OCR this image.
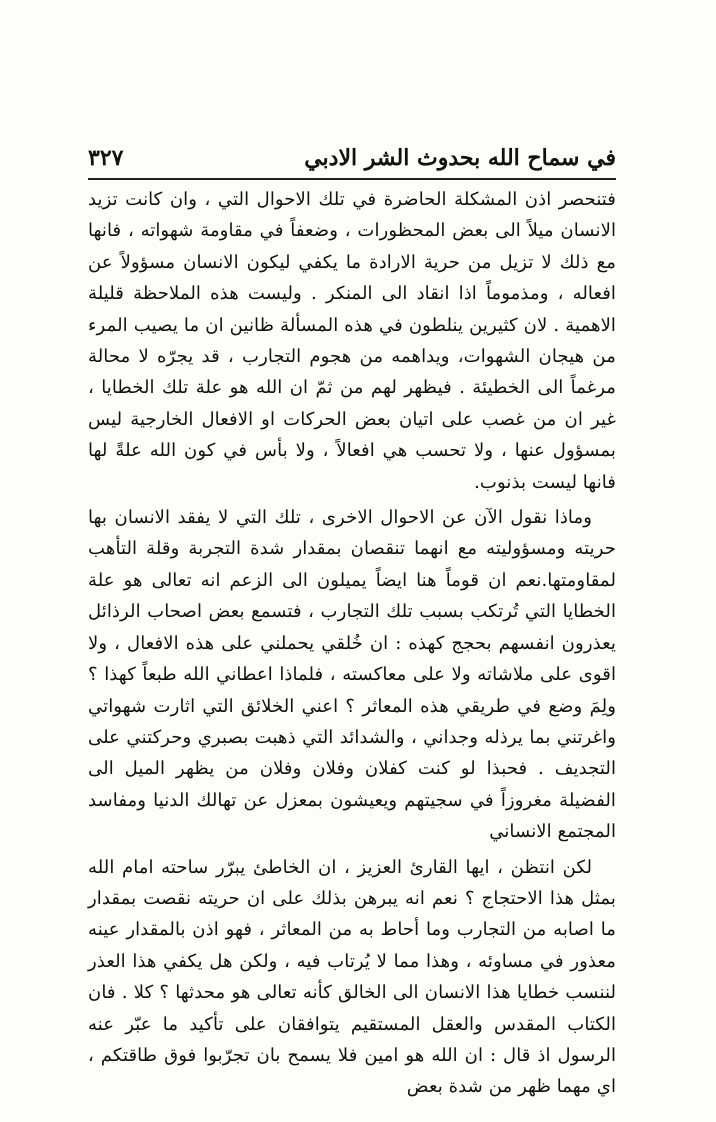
في سماح الله بحدوث الشر الادبي
٣٢٧

فتنحصر اذن المشكلة الحاضرة في تلك الاحوال التي ، وان كانت تزيد الانسان ميلاً الى بعض المحظورات ، وضعفاً في مقاومة شهواته ، فانها مع ذلك لا تزيل من حرية الارادة ما يكفي ليكون الانسان مسؤولاً عن افعاله ، ومذموماً اذا انقاد الى المنكر . وليست هذه الملاحظة قليلة الاهمية . لان كثيرين ينلطون في هذه المسألة ظانين ان ما يصيب المرء من هيجان الشهوات، ويداهمه من هجوم التجارب ، قد يجرّه لا محالة مرغماً الى الخطيئة . فيظهر لهم من ثمّ ان الله هو علة تلك الخطايا ، غير ان من غصب على اتيان بعض الحركات او الافعال الخارجية ليس بمسؤول عنها ، ولا تحسب هي افعالاً ، ولا بأس في كون الله علةً لها فانها ليست بذنوب.

وماذا نقول الآن عن الاحوال الاخرى ، تلك التي لا يفقد الانسان بها حريته ومسؤوليته مع انهما تنقصان بمقدار شدة التجربة وقلة التأهب لمقاومتها.نعم ان قوماً هنا ايضاً يميلون الى الزعم انه تعالى هو علة الخطايا التي تُرتكب بسبب تلك التجارب ، فتسمع بعض اصحاب الرذائل يعذرون انفسهم بحجج كهذه : ان خُلقي يحملني على هذه الافعال ، ولا اقوى على ملاشاته ولا على معاكسته ، فلماذا اعطاني الله طبعاً كهذا ؟ ولِمَ وضع في طريقي هذه المعاثر ؟ اعني الخلائق التي اثارت شهواتي واغرتني بما يرذله وجداني ، والشدائد التي ذهبت بصبري وحركتني على التجديف . فحبذا لو كنت كفلان وفلان وفلان من يظهر الميل الى الفضيلة مغروزاً في سجيتهم ويعيشون بمعزل عن تهالك الدنيا ومفاسد المجتمع الانساني

لكن انتظن ، ايها القارئ العزيز ، ان الخاطئ يبرّر ساحته امام الله بمثل هذا الاحتجاج ؟ نعم انه يبرهن بذلك على ان حريته نقصت بمقدار ما اصابه من التجارب وما أحاط به من المعاثر ، فهو اذن بالمقدار عينه معذور في مساوئه ، وهذا مما لا يُرتاب فيه ، ولكن هل يكفي هذا العذر لننسب خطايا هذا الانسان الى الخالق كأنه تعالى هو محدثها ؟ كلا . فان الكتاب المقدس والعقل المستقيم يتوافقان على تأكيد ما عبّر عنه الرسول اذ قال : ان الله هو امين فلا يسمح بان تجرّبوا فوق طاقتكم ، اي مهما ظهر من شدة بعض
